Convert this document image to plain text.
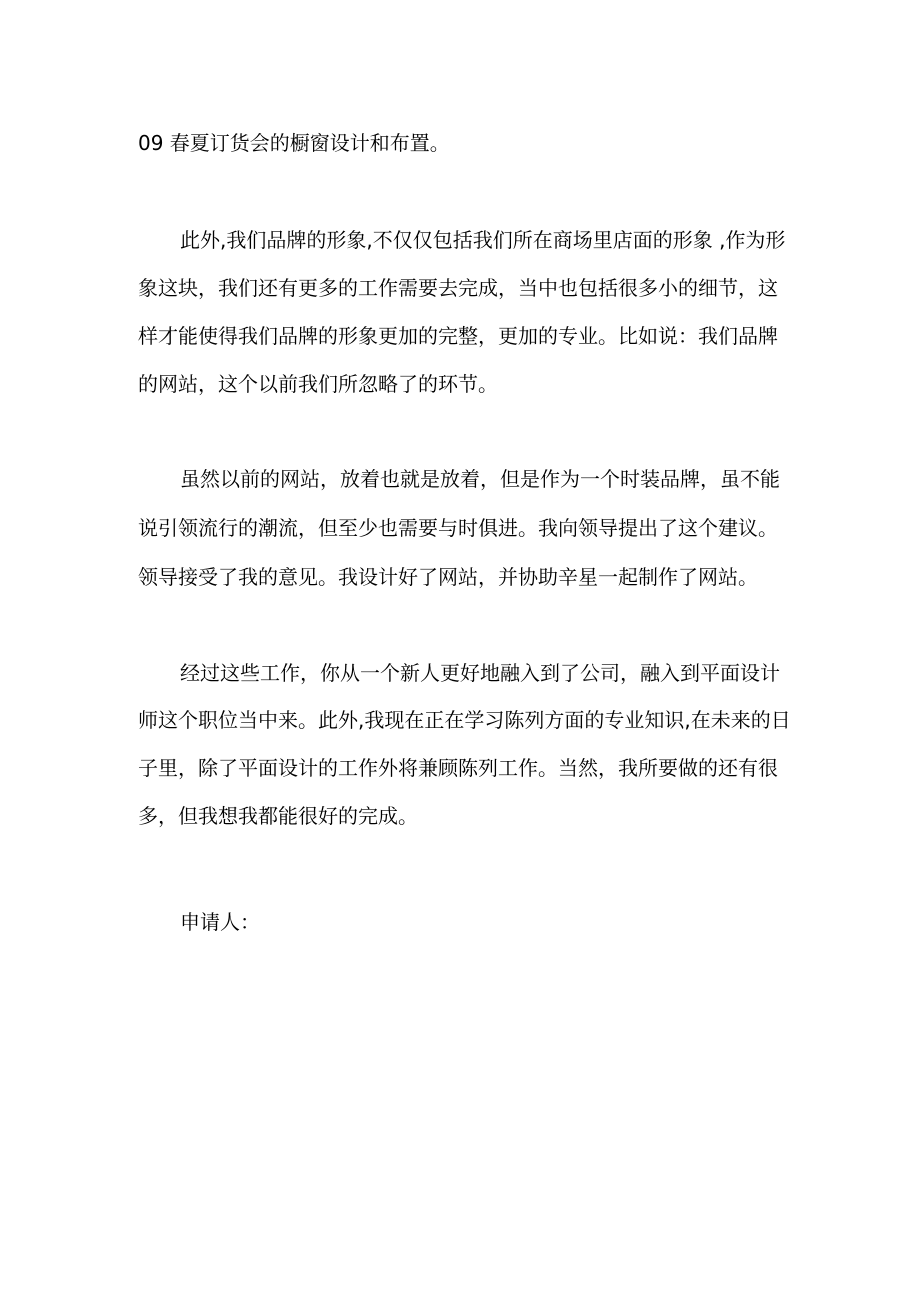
09 春夏订货会的橱窗设计和布置。
此外,我们品牌的形象,不仅仅包括我们所在商场里店面的形象 ,作为形
象这块，我们还有更多的工作需要去完成，当中也包括很多小的细节，这
样才能使得我们品牌的形象更加的完整，更加的专业。比如说：我们品牌
的网站，这个以前我们所忽略了的环节。
虽然以前的网站，放着也就是放着，但是作为一个时装品牌，虽不能
说引领流行的潮流，但至少也需要与时俱进。我向领导提出了这个建议。
领导接受了我的意见。我设计好了网站，并协助辛星一起制作了网站。
经过这些工作，你从一个新人更好地融入到了公司，融入到平面设计
师这个职位当中来。此外,我现在正在学习陈列方面的专业知识,在未来的日
子里，除了平面设计的工作外将兼顾陈列工作。当然，我所要做的还有很
多，但我想我都能很好的完成。
申请人：
